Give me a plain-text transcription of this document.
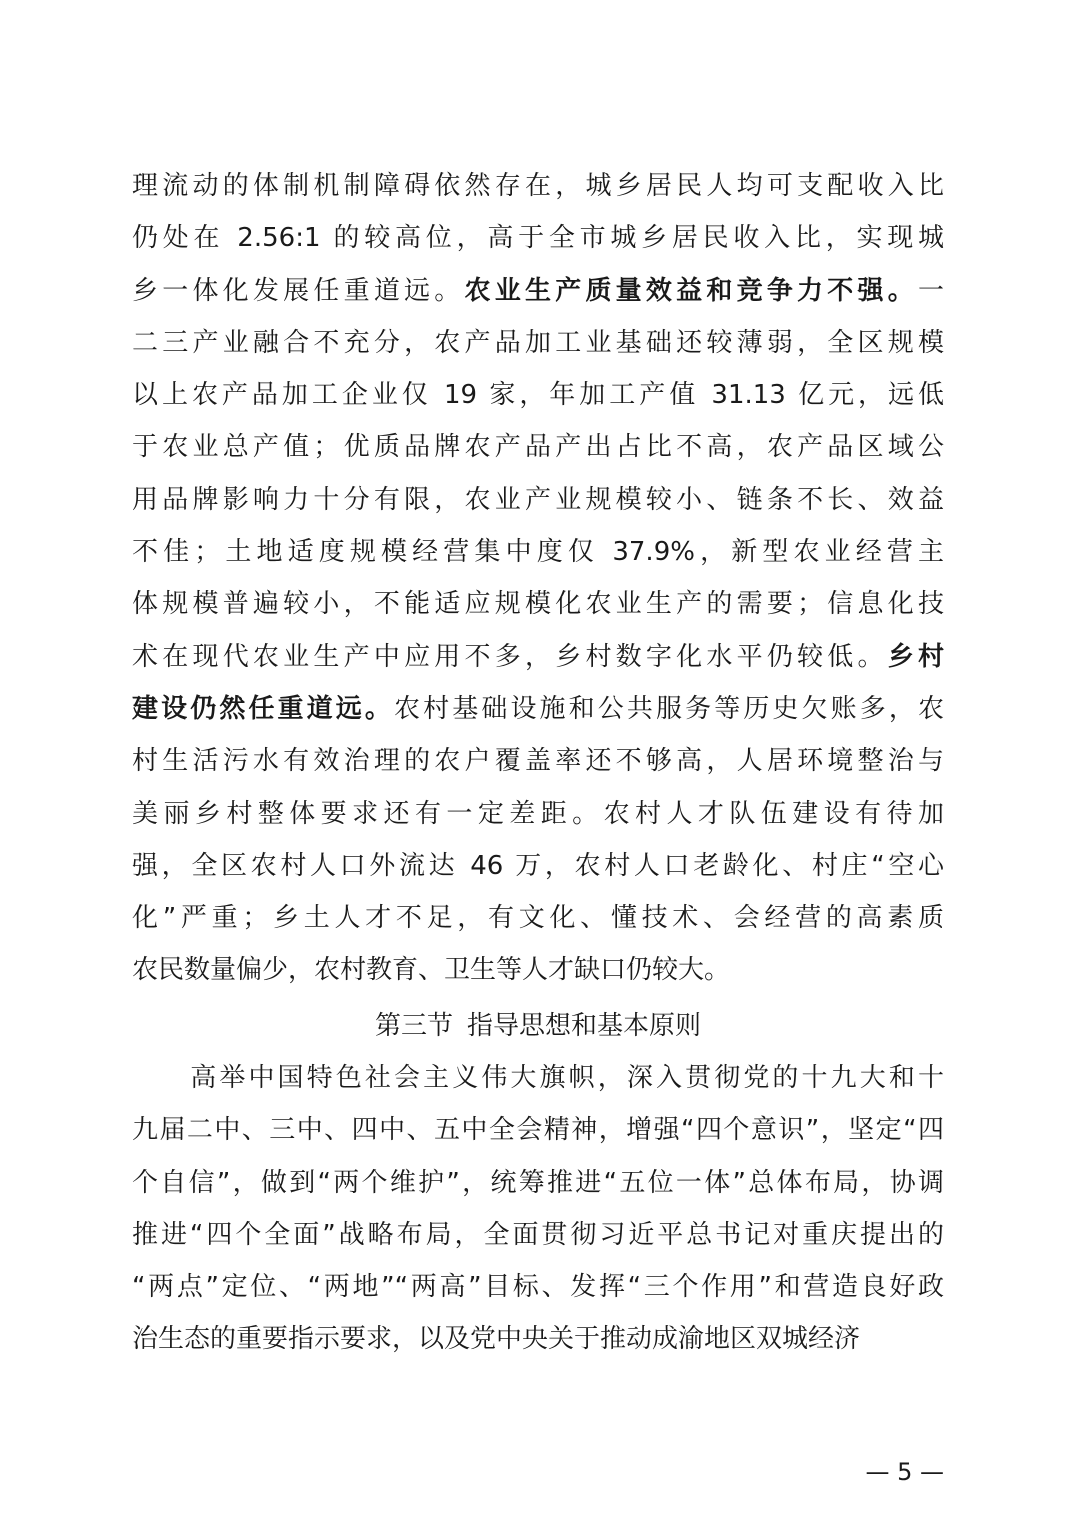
理流动的体制机制障碍依然存在，城乡居民人均可支配收入比
仍处在 2.56:1 的较高位，高于全市城乡居民收入比，实现城
乡一体化发展任重道远。农业生产质量效益和竞争力不强。一
二三产业融合不充分，农产品加工业基础还较薄弱，全区规模
以上农产品加工企业仅 19 家，年加工产值 31.13 亿元，远低
于农业总产值；优质品牌农产品产出占比不高，农产品区域公
用品牌影响力十分有限，农业产业规模较小、链条不长、效益
不佳；土地适度规模经营集中度仅 37.9%，新型农业经营主
体规模普遍较小，不能适应规模化农业生产的需要；信息化技
术在现代农业生产中应用不多，乡村数字化水平仍较低。乡村
建设仍然任重道远。农村基础设施和公共服务等历史欠账多，农
村生活污水有效治理的农户覆盖率还不够高，人居环境整治与
美丽乡村整体要求还有一定差距。农村人才队伍建设有待加
强，全区农村人口外流达 46 万，农村人口老龄化、村庄“空心
化”严重；乡土人才不足，有文化、懂技术、会经营的高素质
农民数量偏少，农村教育、卫生等人才缺口仍较大。
第三节 指导思想和基本原则
　　高举中国特色社会主义伟大旗帜，深入贯彻党的十九大和十
九届二中、三中、四中、五中全会精神，增强“四个意识”，坚定“四
个自信”，做到“两个维护”，统筹推进“五位一体”总体布局，协调
推进“四个全面”战略布局，全面贯彻习近平总书记对重庆提出的
“两点”定位、“两地”“两高”目标、发挥“三个作用”和营造良好政
治生态的重要指示要求，以及党中央关于推动成渝地区双城经济
— 5 —
